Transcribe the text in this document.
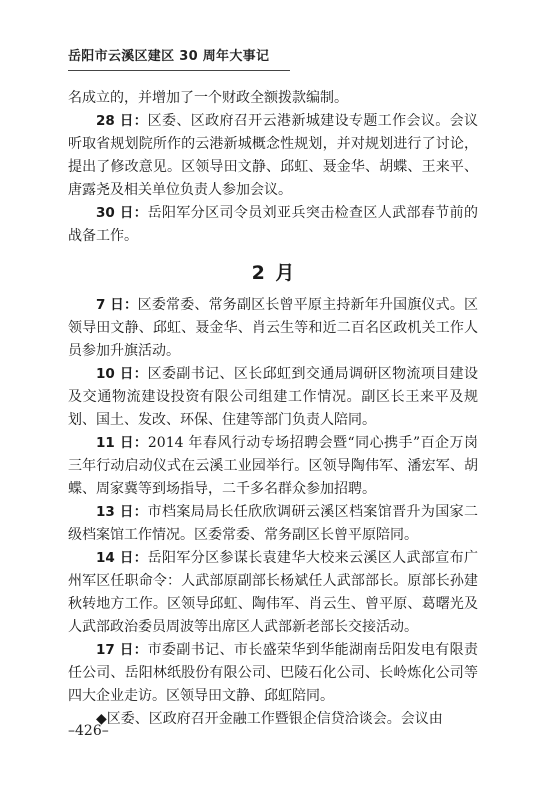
岳阳市云溪区建区 30 周年大事记

名成立的，并增加了一个财政全额拨款编制。

28 日：区委、区政府召开云港新城建设专题工作会议。会议听取省规划院所作的云港新城概念性规划，并对规划进行了讨论，提出了修改意见。区领导田文静、邱虹、聂金华、胡蝶、王来平、唐露尧及相关单位负责人参加会议。

30 日：岳阳军分区司令员刘亚兵突击检查区人武部春节前的战备工作。

2 月

7 日：区委常委、常务副区长曾平原主持新年升国旗仪式。区领导田文静、邱虹、聂金华、肖云生等和近二百名区政机关工作人员参加升旗活动。

10 日：区委副书记、区长邱虹到交通局调研区物流项目建设及交通物流建设投资有限公司组建工作情况。副区长王来平及规划、国土、发改、环保、住建等部门负责人陪同。

11 日：2014 年春风行动专场招聘会暨“同心携手”百企万岗三年行动启动仪式在云溪工业园举行。区领导陶伟军、潘宏军、胡蝶、周家冀等到场指导，二千多名群众参加招聘。

13 日：市档案局局长任欣欣调研云溪区档案馆晋升为国家二级档案馆工作情况。区委常委、常务副区长曾平原陪同。

14 日：岳阳军分区参谋长袁建华大校来云溪区人武部宣布广州军区任职命令：人武部原副部长杨斌任人武部部长。原部长孙建秋转地方工作。区领导邱虹、陶伟军、肖云生、曾平原、葛曙光及人武部政治委员周波等出席区人武部新老部长交接活动。

17 日：市委副书记、市长盛荣华到华能湖南岳阳发电有限责任公司、岳阳林纸股份有限公司、巴陵石化公司、长岭炼化公司等四大企业走访。区领导田文静、邱虹陪同。

◆区委、区政府召开金融工作暨银企信贷洽谈会。会议由

–426–
